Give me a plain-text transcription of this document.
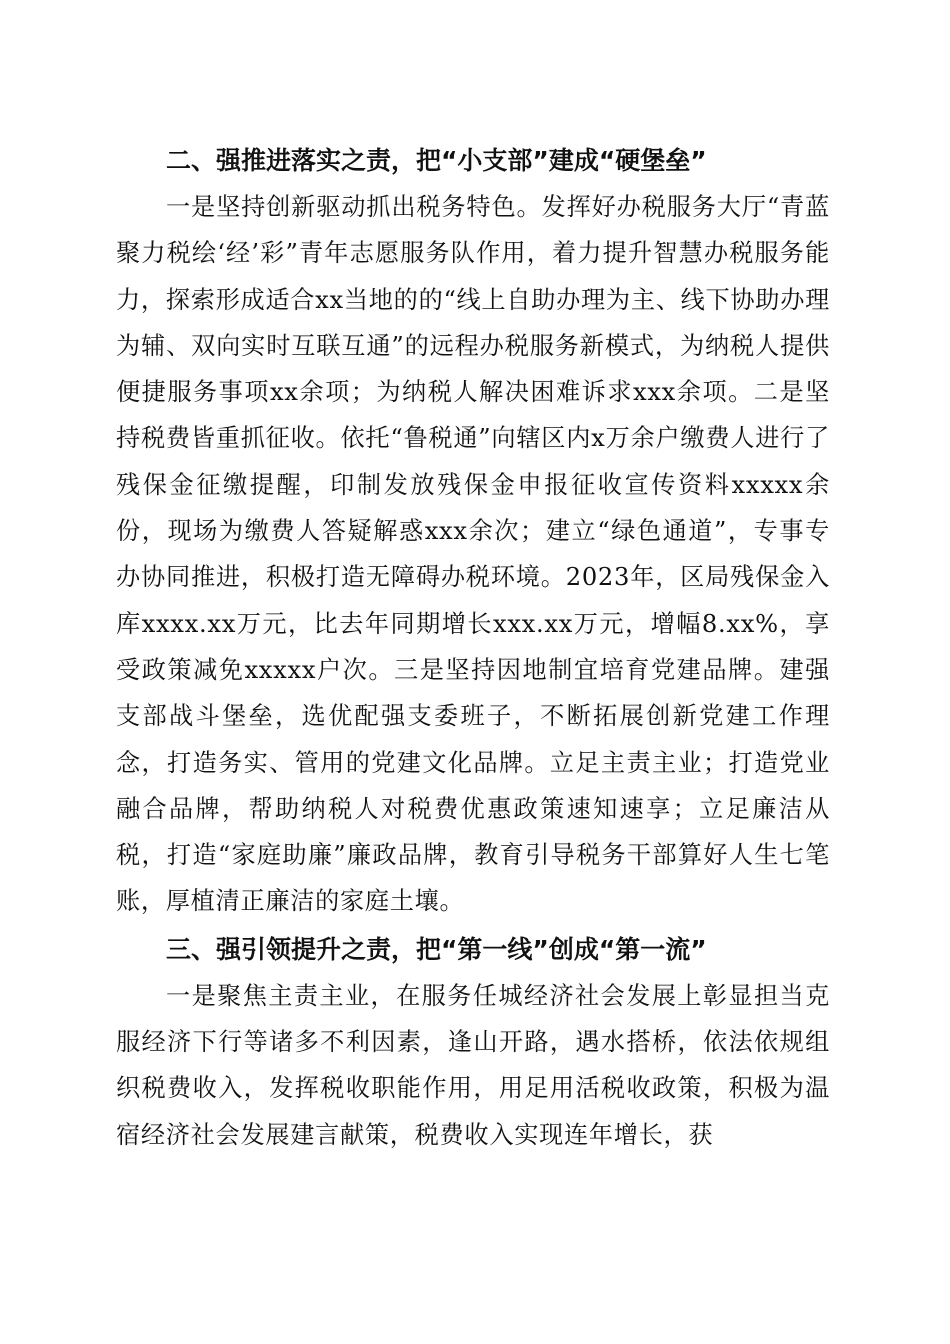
二、强推进落实之责，把“小支部”建成“硬堡垒”

一是坚持创新驱动抓出税务特色。发挥好办税服务大厅“青蓝聚力税绘‘经’彩”青年志愿服务队作用，着力提升智慧办税服务能力，探索形成适合xx当地的的“线上自助办理为主、线下协助办理为辅、双向实时互联互通”的远程办税服务新模式，为纳税人提供便捷服务事项xx余项；为纳税人解决困难诉求xxx余项。二是坚持税费皆重抓征收。依托“鲁税通”向辖区内x万余户缴费人进行了残保金征缴提醒，印制发放残保金申报征收宣传资料xxxxx余份，现场为缴费人答疑解惑xxx余次；建立“绿色通道”，专事专办协同推进，积极打造无障碍办税环境。2023年，区局残保金入库xxxx.xx万元，比去年同期增长xxx.xx万元，增幅8.xx%，享受政策减免xxxxx户次。三是坚持因地制宜培育党建品牌。建强支部战斗堡垒，选优配强支委班子，不断拓展创新党建工作理念，打造务实、管用的党建文化品牌。立足主责主业；打造党业融合品牌，帮助纳税人对税费优惠政策速知速享；立足廉洁从税，打造“家庭助廉”廉政品牌，教育引导税务干部算好人生七笔账，厚植清正廉洁的家庭土壤。

三、强引领提升之责，把“第一线”创成“第一流”

一是聚焦主责主业，在服务任城经济社会发展上彰显担当克服经济下行等诸多不利因素，逢山开路，遇水搭桥，依法依规组织税费收入，发挥税收职能作用，用足用活税收政策，积极为温宿经济社会发展建言献策，税费收入实现连年增长，获
